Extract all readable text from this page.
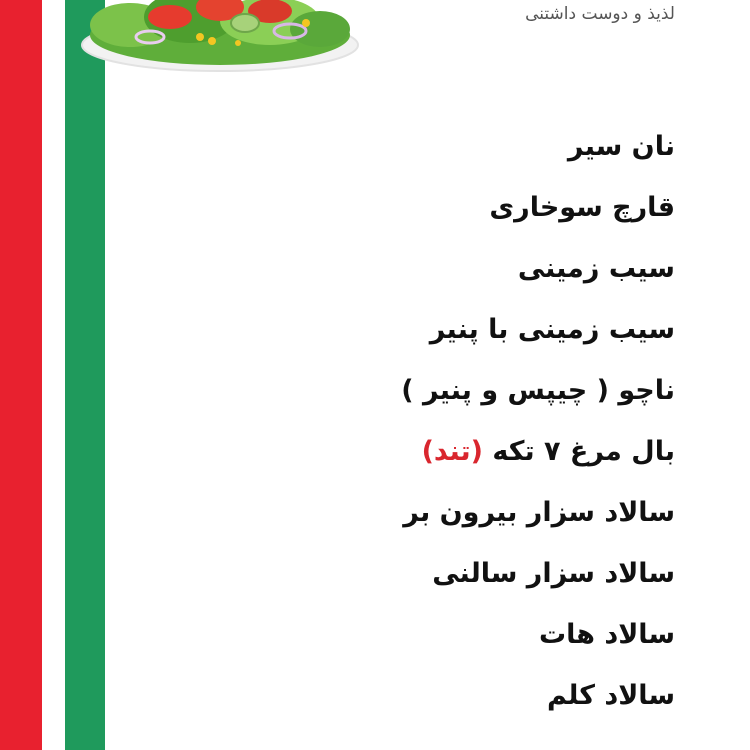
لذیذ و دوست داشتنی
نان سیر
قارچ سوخاری
سیب زمینی
سیب زمینی با پنیر
ناچو ( چیپس و پنیر )
بال مرغ ۷ تکه (تند)
سالاد سزار بیرون بر
سالاد سزار سالنی
سالاد هات
سالاد کلم
